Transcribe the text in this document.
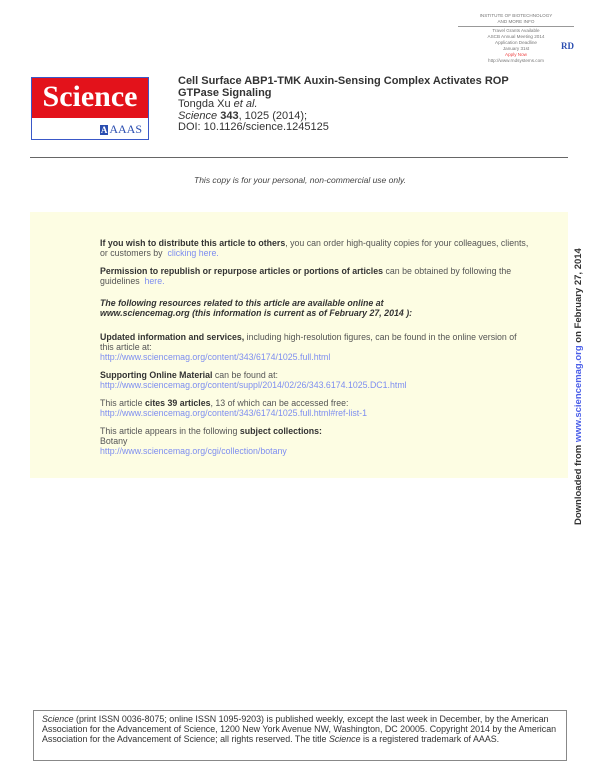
INSTITUTE OF BIOTECHNOLOGY
AND MORE INFO
Travel Grants Available
ASCB Annual Meeting 2014
Application Deadline
January 31st
Apply Now
http://www.rndsystems.com
RD
Science
A AAAS
Cell Surface ABP1-TMK Auxin-Sensing Complex Activates ROP
GTPase Signaling
Tongda Xu et al.
Science 343, 1025 (2014);
DOI: 10.1126/science.1245125
This copy is for your personal, non-commercial use only.

If you wish to distribute this article to others, you can order high-quality copies for your colleagues, clients, or customers by clicking here.

Permission to republish or repurpose articles or portions of articles can be obtained by following the guidelines here.

The following resources related to this article are available online at
www.sciencemag.org (this information is current as of February 27, 2014 ):

Updated information and services, including high-resolution figures, can be found in the online version of this article at:
http://www.sciencemag.org/content/343/6174/1025.full.html

Supporting Online Material can be found at:
http://www.sciencemag.org/content/suppl/2014/02/26/343.6174.1025.DC1.html

This article cites 39 articles, 13 of which can be accessed free:
http://www.sciencemag.org/content/343/6174/1025.full.html#ref-list-1

This article appears in the following subject collections:
Botany
http://www.sciencemag.org/cgi/collection/botany	Downloaded from www.sciencemag.org on February 27, 2014
Science (print ISSN 0036-8075; online ISSN 1095-9203) is published weekly, except the last week in December, by the American Association for the Advancement of Science, 1200 New York Avenue NW, Washington, DC 20005. Copyright 2014 by the American Association for the Advancement of Science; all rights reserved. The title Science is a registered trademark of AAAS.
